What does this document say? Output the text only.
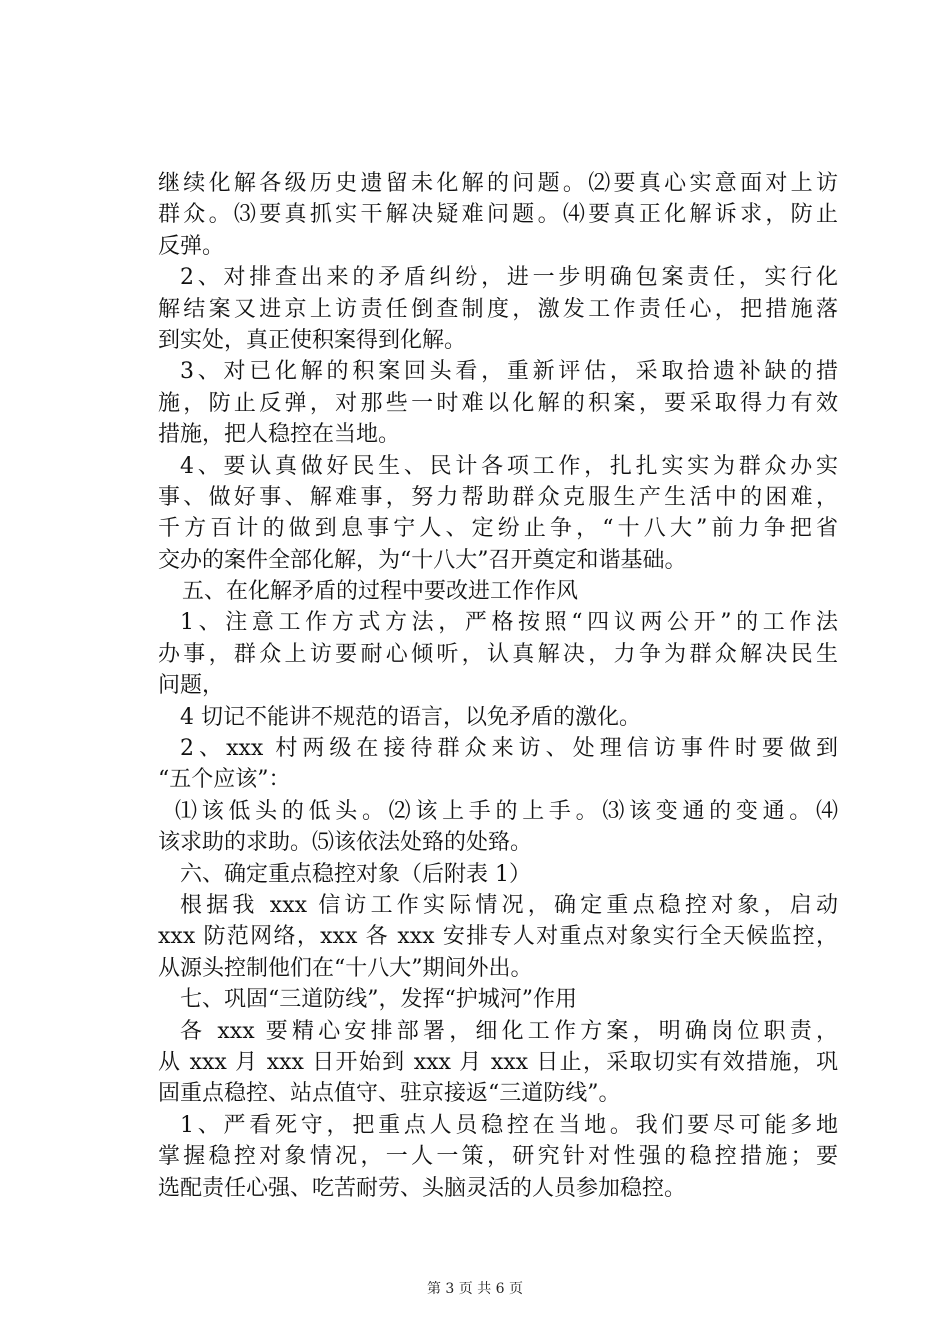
继续化解各级历史遗留未化解的问题。⑵要真心实意面对上访
群众。⑶要真抓实干解决疑难问题。⑷要真正化解诉求，防止
反弹。
2、对排查出来的矛盾纠纷，进一步明确包案责任，实行化
解结案又进京上访责任倒查制度，激发工作责任心，把措施落
到实处，真正使积案得到化解。
3、对已化解的积案回头看，重新评估，采取拾遗补缺的措
施，防止反弹，对那些一时难以化解的积案，要采取得力有效
措施，把人稳控在当地。
4、要认真做好民生、民计各项工作，扎扎实实为群众办实
事、做好事、解难事，努力帮助群众克服生产生活中的困难，
千方百计的做到息事宁人、定纷止争，“十八大”前力争把省
交办的案件全部化解，为“十八大”召开奠定和谐基础。
五、在化解矛盾的过程中要改进工作作风
1、注意工作方式方法，严格按照“四议两公开”的工作法
办事，群众上访要耐心倾听，认真解决，力争为群众解决民生
问题，
4 切记不能讲不规范的语言，以免矛盾的激化。
2、xxx 村两级在接待群众来访、处理信访事件时要做到
“五个应该”：
⑴该低头的低头。⑵该上手的上手。⑶该变通的变通。⑷
该求助的求助。⑸该依法处臵的处臵。
六、确定重点稳控对象（后附表 1）
根据我 xxx 信访工作实际情况，确定重点稳控对象，启动
xxx 防范网络，xxx 各 xxx 安排专人对重点对象实行全天候监控，
从源头控制他们在“十八大”期间外出。
七、巩固“三道防线”，发挥“护城河”作用
各 xxx 要精心安排部署，细化工作方案，明确岗位职责，
从 xxx 月 xxx 日开始到 xxx 月 xxx 日止，采取切实有效措施，巩
固重点稳控、站点值守、驻京接返“三道防线”。
1、严看死守，把重点人员稳控在当地。我们要尽可能多地
掌握稳控对象情况，一人一策，研究针对性强的稳控措施；要
选配责任心强、吃苦耐劳、头脑灵活的人员参加稳控。
第 3 页 共 6 页
